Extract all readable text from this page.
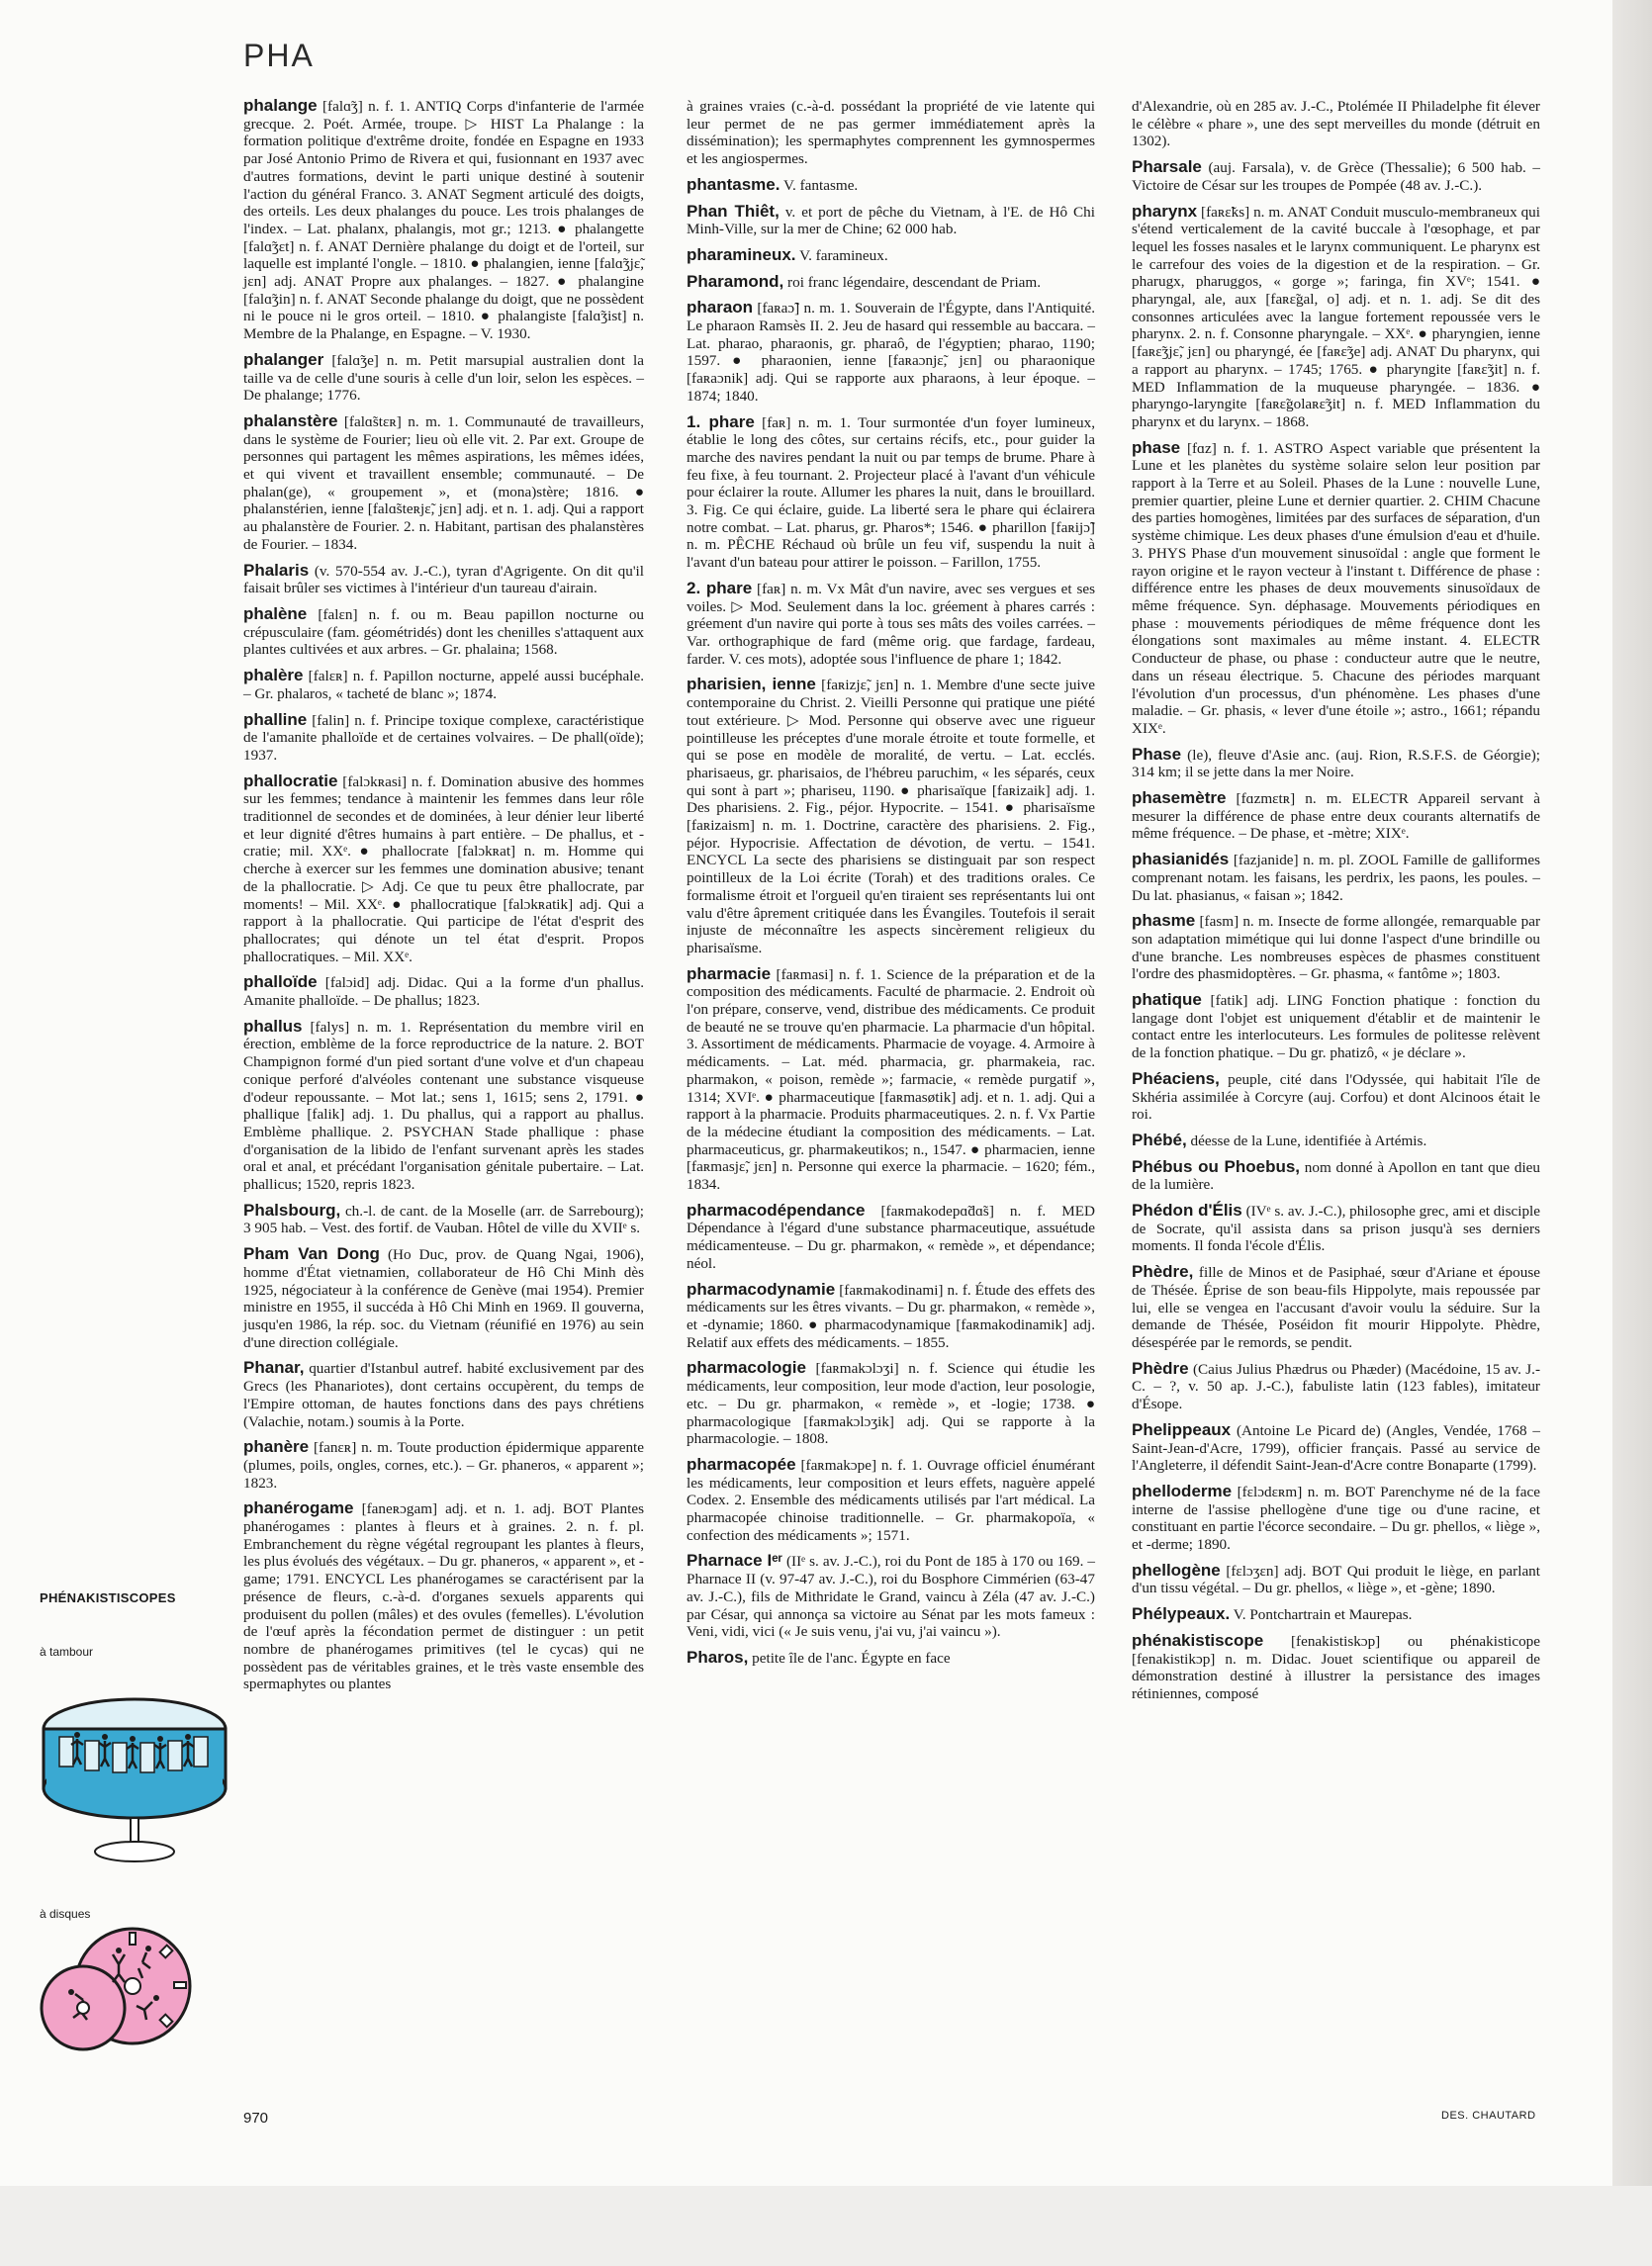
PHA

phalange [falɑ̃ʒ] n. f. 1. ANTIQ Corps d'infanterie de l'armée grecque. 2. Poét. Armée, troupe. ▷ HIST La Phalange : la formation politique d'extrême droite, fondée en Espagne en 1933 par José Antonio Primo de Rivera et qui, fusionnant en 1937 avec d'autres formations, devint le parti unique destiné à soutenir l'action du général Franco. 3. ANAT Segment articulé des doigts, des orteils. Les deux phalanges du pouce. Les trois phalanges de l'index. – Lat. phalanx, phalangis, mot gr.; 1213. ● phalangette [falɑ̃ʒɛt] n. f. ANAT Dernière phalange du doigt et de l'orteil, sur laquelle est implanté l'ongle. – 1810. ● phalangien, ienne [falɑ̃ʒjɛ̃, jɛn] adj. ANAT Propre aux phalanges. – 1827. ● phalangine [falɑ̃ʒin] n. f. ANAT Seconde phalange du doigt, que ne possèdent ni le pouce ni le gros orteil. – 1810. ● phalangiste [falɑ̃ʒist] n. Membre de la Phalange, en Espagne. – V. 1930.

phalanger [falɑ̃ʒe] n. m. Petit marsupial australien dont la taille va de celle d'une souris à celle d'un loir, selon les espèces. – De phalange; 1776.

phalanstère [falɑ̃stɛʀ] n. m. 1. Communauté de travailleurs, dans le système de Fourier; lieu où elle vit. 2. Par ext. Groupe de personnes qui partagent les mêmes aspirations, les mêmes idées, et qui vivent et travaillent ensemble; communauté. – De phalan(ge), « groupement », et (mona)stère; 1816. ● phalanstérien, ienne [falɑ̃steʀjɛ̃, jɛn] adj. et n. 1. adj. Qui a rapport au phalanstère de Fourier. 2. n. Habitant, partisan des phalanstères de Fourier. – 1834.

Phalaris (v. 570-554 av. J.-C.), tyran d'Agrigente. On dit qu'il faisait brûler ses victimes à l'intérieur d'un taureau d'airain.

phalène [falɛn] n. f. ou m. Beau papillon nocturne ou crépusculaire (fam. géométridés) dont les chenilles s'attaquent aux plantes cultivées et aux arbres. – Gr. phalaina; 1568.

phalère [falɛʀ] n. f. Papillon nocturne, appelé aussi bucéphale. – Gr. phalaros, « tacheté de blanc »; 1874.

phalline [falin] n. f. Principe toxique complexe, caractéristique de l'amanite phalloïde et de certaines volvaires. – De phall(oïde); 1937.

phallocratie [falɔkʀasi] n. f. Domination abusive des hommes sur les femmes; tendance à maintenir les femmes dans leur rôle traditionnel de secondes et de dominées, à leur dénier leur liberté et leur dignité d'êtres humains à part entière. – De phallus, et -cratie; mil. XXᵉ. ● phallocrate [falɔkʀat] n. m. Homme qui cherche à exercer sur les femmes une domination abusive; tenant de la phallocratie. ▷ Adj. Ce que tu peux être phallocrate, par moments! – Mil. XXᵉ. ● phallocratique [falɔkʀatik] adj. Qui a rapport à la phallocratie. Qui participe de l'état d'esprit des phallocrates; qui dénote un tel état d'esprit. Propos phallocratiques. – Mil. XXᵉ.

phalloïde [falɔid] adj. Didac. Qui a la forme d'un phallus. Amanite phalloïde. – De phallus; 1823.

phallus [falys] n. m. 1. Représentation du membre viril en érection, emblème de la force reproductrice de la nature. 2. BOT Champignon formé d'un pied sortant d'une volve et d'un chapeau conique perforé d'alvéoles contenant une substance visqueuse d'odeur repoussante. – Mot lat.; sens 1, 1615; sens 2, 1791. ● phallique [falik] adj. 1. Du phallus, qui a rapport au phallus. Emblème phallique. 2. PSYCHAN Stade phallique : phase d'organisation de la libido de l'enfant survenant après les stades oral et anal, et précédant l'organisation génitale pubertaire. – Lat. phallicus; 1520, repris 1823.

Phalsbourg, ch.-l. de cant. de la Moselle (arr. de Sarrebourg); 3 905 hab. – Vest. des fortif. de Vauban. Hôtel de ville du XVIIᵉ s.

Pham Van Dong (Ho Duc, prov. de Quang Ngai, 1906), homme d'État vietnamien, collaborateur de Hô Chi Minh dès 1925, négociateur à la conférence de Genève (mai 1954). Premier ministre en 1955, il succéda à Hô Chi Minh en 1969. Il gouverna, jusqu'en 1986, la rép. soc. du Vietnam (réunifié en 1976) au sein d'une direction collégiale.

Phanar, quartier d'Istanbul autref. habité exclusivement par des Grecs (les Phanariotes), dont certains occupèrent, du temps de l'Empire ottoman, de hautes fonctions dans des pays chrétiens (Valachie, notam.) soumis à la Porte.

phanère [fanɛʀ] n. m. Toute production épidermique apparente (plumes, poils, ongles, cornes, etc.). – Gr. phaneros, « apparent »; 1823.

phanérogame [faneʀɔgam] adj. et n. 1. adj. BOT Plantes phanérogames : plantes à fleurs et à graines. 2. n. f. pl. Embranchement du règne végétal regroupant les plantes à fleurs, les plus évolués des végétaux. – Du gr. phaneros, « apparent », et -game; 1791. ENCYCL Les phanérogames se caractérisent par la présence de fleurs, c.-à-d. d'organes sexuels apparents qui produisent du pollen (mâles) et des ovules (femelles). L'évolution de l'œuf après la fécondation permet de distinguer : un petit nombre de phanérogames primitives (tel le cycas) qui ne possèdent pas de véritables graines, et le très vaste ensemble des spermaphytes ou plantes

à graines vraies (c.-à-d. possédant la propriété de vie latente qui leur permet de ne pas germer immédiatement après la dissémination); les spermaphytes comprennent les gymnospermes et les angiospermes.

phantasme. V. fantasme.

Phan Thiêt, v. et port de pêche du Vietnam, à l'E. de Hô Chi Minh-Ville, sur la mer de Chine; 62 000 hab.

pharamineux. V. faramineux.

Pharamond, roi franc légendaire, descendant de Priam.

pharaon [faʀaɔ̃] n. m. 1. Souverain de l'Égypte, dans l'Antiquité. Le pharaon Ramsès II. 2. Jeu de hasard qui ressemble au baccara. – Lat. pharao, pharaonis, gr. pharaô, de l'égyptien; pharao, 1190; 1597. ● pharaonien, ienne [faʀaɔnjɛ̃, jɛn] ou pharaonique [faʀaɔnik] adj. Qui se rapporte aux pharaons, à leur époque. – 1874; 1840.

1. phare [faʀ] n. m. 1. Tour surmontée d'un foyer lumineux, établie le long des côtes, sur certains récifs, etc., pour guider la marche des navires pendant la nuit ou par temps de brume. Phare à feu fixe, à feu tournant. 2. Projecteur placé à l'avant d'un véhicule pour éclairer la route. Allumer les phares la nuit, dans le brouillard. 3. Fig. Ce qui éclaire, guide. La liberté sera le phare qui éclairera notre combat. – Lat. pharus, gr. Pharos*; 1546. ● pharillon [faʀijɔ̃] n. m. PÊCHE Réchaud où brûle un feu vif, suspendu la nuit à l'avant d'un bateau pour attirer le poisson. – Farillon, 1755.

2. phare [faʀ] n. m. Vx Mât d'un navire, avec ses vergues et ses voiles. ▷ Mod. Seulement dans la loc. gréement à phares carrés : gréement d'un navire qui porte à tous ses mâts des voiles carrées. – Var. orthographique de fard (même orig. que fardage, fardeau, farder. V. ces mots), adoptée sous l'influence de phare 1; 1842.

pharisien, ienne [faʀizjɛ̃, jɛn] n. 1. Membre d'une secte juive contemporaine du Christ. 2. Vieilli Personne qui pratique une piété tout extérieure. ▷ Mod. Personne qui observe avec une rigueur pointilleuse les préceptes d'une morale étroite et toute formelle, et qui se pose en modèle de moralité, de vertu. – Lat. ecclés. pharisaeus, gr. pharisaios, de l'hébreu paruchim, « les séparés, ceux qui sont à part »; phariseu, 1190. ● pharisaïque [faʀizaik] adj. 1. Des pharisiens. 2. Fig., péjor. Hypocrite. – 1541. ● pharisaïsme [faʀizaism] n. m. 1. Doctrine, caractère des pharisiens. 2. Fig., péjor. Hypocrisie. Affectation de dévotion, de vertu. – 1541. ENCYCL La secte des pharisiens se distinguait par son respect pointilleux de la Loi écrite (Torah) et des traditions orales. Ce formalisme étroit et l'orgueil qu'en tiraient ses représentants lui ont valu d'être âprement critiquée dans les Évangiles. Toutefois il serait injuste de méconnaître les aspects sincèrement religieux du pharisaïsme.

pharmacie [faʀmasi] n. f. 1. Science de la préparation et de la composition des médicaments. Faculté de pharmacie. 2. Endroit où l'on prépare, conserve, vend, distribue des médicaments. Ce produit de beauté ne se trouve qu'en pharmacie. La pharmacie d'un hôpital. 3. Assortiment de médicaments. Pharmacie de voyage. 4. Armoire à médicaments. – Lat. méd. pharmacia, gr. pharmakeia, rac. pharmakon, « poison, remède »; farmacie, « remède purgatif », 1314; XVIᵉ. ● pharmaceutique [faʀmasøtik] adj. et n. 1. adj. Qui a rapport à la pharmacie. Produits pharmaceutiques. 2. n. f. Vx Partie de la médecine étudiant la composition des médicaments. – Lat. pharmaceuticus, gr. pharmakeutikos; n., 1547. ● pharmacien, ienne [faʀmasjɛ̃, jɛn] n. Personne qui exerce la pharmacie. – 1620; fém., 1834.

pharmacodépendance [faʀmakodepɑ̃dɑ̃s] n. f. MED Dépendance à l'égard d'une substance pharmaceutique, assuétude médicamenteuse. – Du gr. pharmakon, « remède », et dépendance; néol.

pharmacodynamie [faʀmakodinami] n. f. Étude des effets des médicaments sur les êtres vivants. – Du gr. pharmakon, « remède », et -dynamie; 1860. ● pharmacodynamique [faʀmakodinamik] adj. Relatif aux effets des médicaments. – 1855.

pharmacologie [faʀmakɔlɔʒi] n. f. Science qui étudie les médicaments, leur composition, leur mode d'action, leur posologie, etc. – Du gr. pharmakon, « remède », et -logie; 1738. ● pharmacologique [faʀmakɔlɔʒik] adj. Qui se rapporte à la pharmacologie. – 1808.

pharmacopée [faʀmakɔpe] n. f. 1. Ouvrage officiel énumérant les médicaments, leur composition et leurs effets, naguère appelé Codex. 2. Ensemble des médicaments utilisés par l'art médical. La pharmacopée chinoise traditionnelle. – Gr. pharmakopoïa, « confection des médicaments »; 1571.

Pharnace Iᵉʳ (IIᵉ s. av. J.-C.), roi du Pont de 185 à 170 ou 169. – Pharnace II (v. 97-47 av. J.-C.), roi du Bosphore Cimmérien (63-47 av. J.-C.), fils de Mithridate le Grand, vaincu à Zéla (47 av. J.-C.) par César, qui annonça sa victoire au Sénat par les mots fameux : Veni, vidi, vici (« Je suis venu, j'ai vu, j'ai vaincu »).

Pharos, petite île de l'anc. Égypte en face

d'Alexandrie, où en 285 av. J.-C., Ptolémée II Philadelphe fit élever le célèbre « phare », une des sept merveilles du monde (détruit en 1302).

Pharsale (auj. Farsala), v. de Grèce (Thessalie); 6 500 hab. – Victoire de César sur les troupes de Pompée (48 av. J.-C.).

pharynx [faʀɛ̃ks] n. m. ANAT Conduit musculo-membraneux qui s'étend verticalement de la cavité buccale à l'œsophage, et par lequel les fosses nasales et le larynx communiquent. Le pharynx est le carrefour des voies de la digestion et de la respiration. – Gr. pharugx, pharuggos, « gorge »; faringa, fin XVᵉ; 1541. ● pharyngal, ale, aux [faʀɛ̃gal, o] adj. et n. 1. adj. Se dit des consonnes articulées avec la langue fortement repoussée vers le pharynx. 2. n. f. Consonne pharyngale. – XXᵉ. ● pharyngien, ienne [faʀɛ̃ʒjɛ̃, jɛn] ou pharyngé, ée [faʀɛ̃ʒe] adj. ANAT Du pharynx, qui a rapport au pharynx. – 1745; 1765. ● pharyngite [faʀɛ̃ʒit] n. f. MED Inflammation de la muqueuse pharyngée. – 1836. ● pharyngo-laryngite [faʀɛ̃golaʀɛ̃ʒit] n. f. MED Inflammation du pharynx et du larynx. – 1868.

phase [fɑz] n. f. 1. ASTRO Aspect variable que présentent la Lune et les planètes du système solaire selon leur position par rapport à la Terre et au Soleil. Phases de la Lune : nouvelle Lune, premier quartier, pleine Lune et dernier quartier. 2. CHIM Chacune des parties homogènes, limitées par des surfaces de séparation, d'un système chimique. Les deux phases d'une émulsion d'eau et d'huile. 3. PHYS Phase d'un mouvement sinusoïdal : angle que forment le rayon origine et le rayon vecteur à l'instant t. Différence de phase : différence entre les phases de deux mouvements sinusoïdaux de même fréquence. Syn. déphasage. Mouvements périodiques en phase : mouvements périodiques de même fréquence dont les élongations sont maximales au même instant. 4. ELECTR Conducteur de phase, ou phase : conducteur autre que le neutre, dans un réseau électrique. 5. Chacune des périodes marquant l'évolution d'un processus, d'un phénomène. Les phases d'une maladie. – Gr. phasis, « lever d'une étoile »; astro., 1661; répandu XIXᵉ.

Phase (le), fleuve d'Asie anc. (auj. Rion, R.S.F.S. de Géorgie); 314 km; il se jette dans la mer Noire.

phasemètre [fɑzmɛtʀ] n. m. ELECTR Appareil servant à mesurer la différence de phase entre deux courants alternatifs de même fréquence. – De phase, et -mètre; XIXᵉ.

phasianidés [fazjanide] n. m. pl. ZOOL Famille de galliformes comprenant notam. les faisans, les perdrix, les paons, les poules. – Du lat. phasianus, « faisan »; 1842.

phasme [fasm] n. m. Insecte de forme allongée, remarquable par son adaptation mimétique qui lui donne l'aspect d'une brindille ou d'une branche. Les nombreuses espèces de phasmes constituent l'ordre des phasmidoptères. – Gr. phasma, « fantôme »; 1803.

phatique [fatik] adj. LING Fonction phatique : fonction du langage dont l'objet est uniquement d'établir et de maintenir le contact entre les interlocuteurs. Les formules de politesse relèvent de la fonction phatique. – Du gr. phatizô, « je déclare ».

Phéaciens, peuple, cité dans l'Odyssée, qui habitait l'île de Skhéria assimilée à Corcyre (auj. Corfou) et dont Alcinoos était le roi.

Phébé, déesse de la Lune, identifiée à Artémis.

Phébus ou Phoebus, nom donné à Apollon en tant que dieu de la lumière.

Phédon d'Élis (IVᵉ s. av. J.-C.), philosophe grec, ami et disciple de Socrate, qu'il assista dans sa prison jusqu'à ses derniers moments. Il fonda l'école d'Élis.

Phèdre, fille de Minos et de Pasiphaé, sœur d'Ariane et épouse de Thésée. Éprise de son beau-fils Hippolyte, mais repoussée par lui, elle se vengea en l'accusant d'avoir voulu la séduire. Sur la demande de Thésée, Poséidon fit mourir Hippolyte. Phèdre, désespérée par le remords, se pendit.

Phèdre (Caius Julius Phædrus ou Phæder) (Macédoine, 15 av. J.-C. – ?, v. 50 ap. J.-C.), fabuliste latin (123 fables), imitateur d'Ésope.

Phelippeaux (Antoine Le Picard de) (Angles, Vendée, 1768 – Saint-Jean-d'Acre, 1799), officier français. Passé au service de l'Angleterre, il défendit Saint-Jean-d'Acre contre Bonaparte (1799).

phelloderme [fɛlɔdɛʀm] n. m. BOT Parenchyme né de la face interne de l'assise phellogène d'une tige ou d'une racine, et constituant en partie l'écorce secondaire. – Du gr. phellos, « liège », et -derme; 1890.

phellogène [fɛlɔʒɛn] adj. BOT Qui produit le liège, en parlant d'un tissu végétal. – Du gr. phellos, « liège », et -gène; 1890.

Phélypeaux. V. Pontchartrain et Maurepas.

phénakistiscope [fenakistiskɔp] ou phénakisticope [fenakistikɔp] n. m. Didac. Jouet scientifique ou appareil de démonstration destiné à illustrer la persistance des images rétiniennes, composé

PHÉNAKISTISCOPES
à tambour
à disques
970	DES. CHAUTARD
